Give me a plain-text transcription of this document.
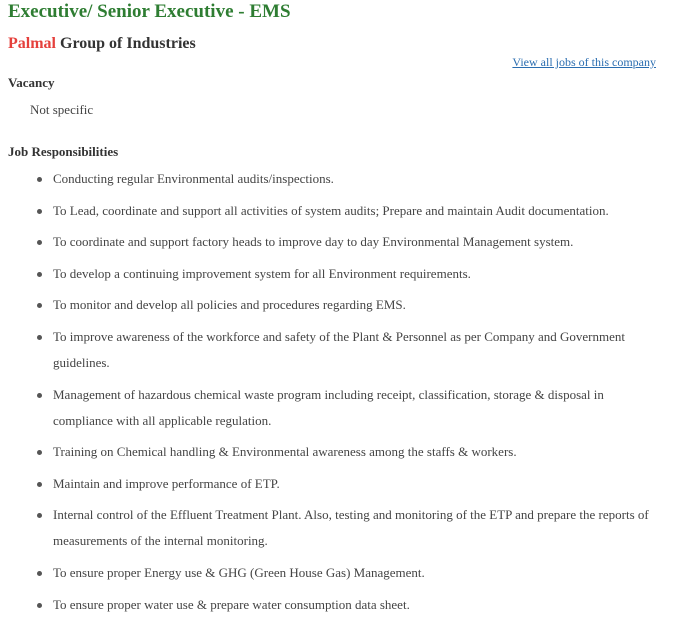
Executive/ Senior Executive - EMS
Palmal Group of Industries
View all jobs of this company
Vacancy
Not specific
Job Responsibilities
Conducting regular Environmental audits/inspections.
To Lead, coordinate and support all activities of system audits; Prepare and maintain Audit documentation.
To coordinate and support factory heads to improve day to day Environmental Management system.
To develop a continuing improvement system for all Environment requirements.
To monitor and develop all policies and procedures regarding EMS.
To improve awareness of the workforce and safety of the Plant & Personnel as per Company and Government guidelines.
Management of hazardous chemical waste program including receipt, classification, storage & disposal in compliance with all applicable regulation.
Training on Chemical handling & Environmental awareness among the staffs & workers.
Maintain and improve performance of ETP.
Internal control of the Effluent Treatment Plant. Also, testing and monitoring of the ETP and prepare the reports of measurements of the internal monitoring.
To ensure proper Energy use & GHG (Green House Gas) Management.
To ensure proper water use & prepare water consumption data sheet.
